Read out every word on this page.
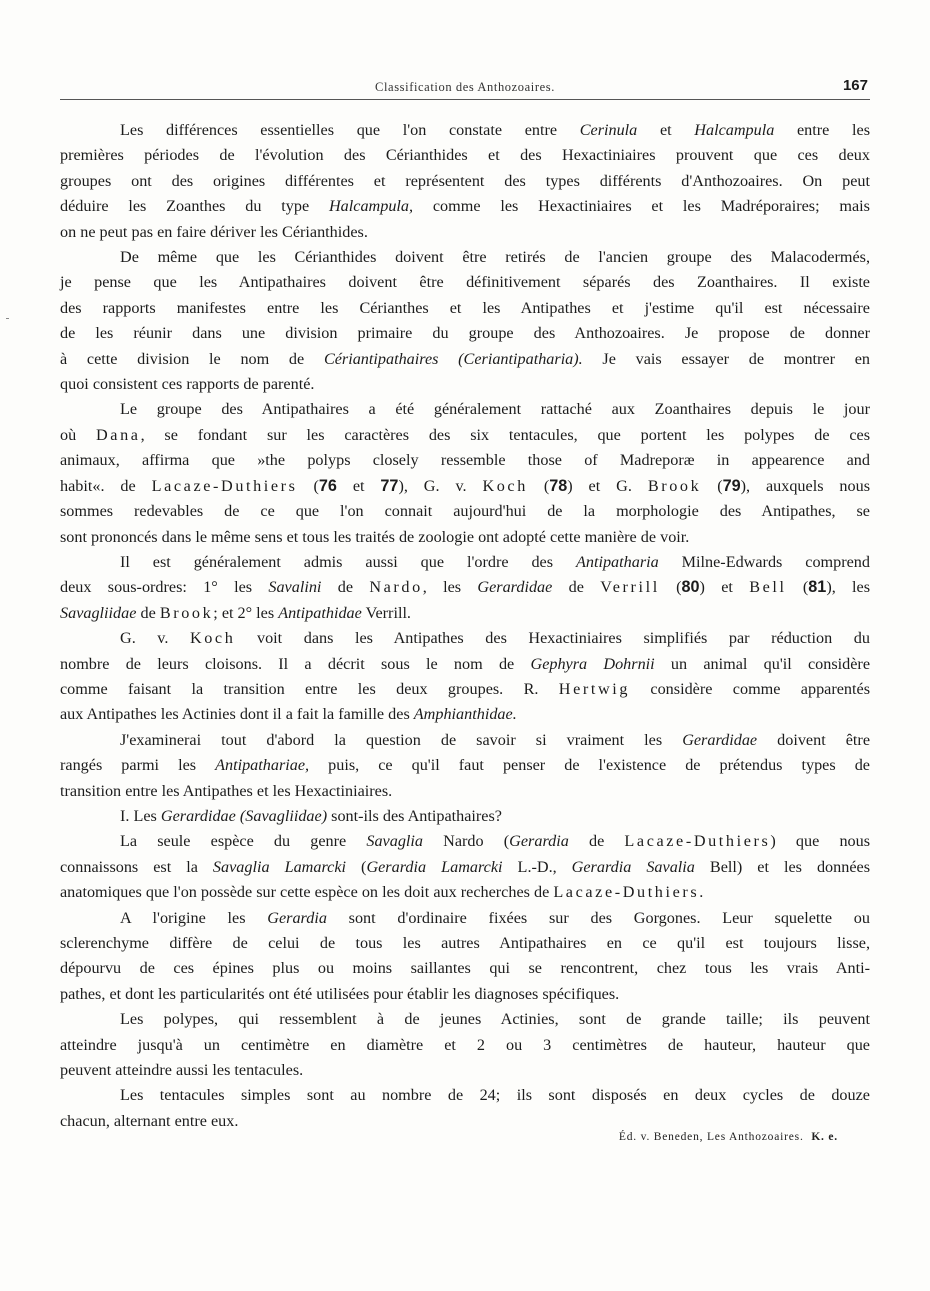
Classification des Anthozoaires.	167
Les différences essentielles que l'on constate entre Cerinula et Halcampula entre les
premières périodes de l'évolution des Cérianthides et des Hexactiniaires prouvent que ces deux
groupes ont des origines différentes et représentent des types différents d'Anthozoaires. On peut
déduire les Zoanthes du type Halcampula, comme les Hexactiniaires et les Madréporaires; mais
on ne peut pas en faire dériver les Cérianthides.
De même que les Cérianthides doivent être retirés de l'ancien groupe des Malacodermés,
je pense que les Antipathaires doivent être définitivement séparés des Zoanthaires. Il existe
des rapports manifestes entre les Cérianthes et les Antipathes et j'estime qu'il est nécessaire
de les réunir dans une division primaire du groupe des Anthozoaires. Je propose de donner
à cette division le nom de Cériantipathaires (Ceriantipatharia). Je vais essayer de montrer en
quoi consistent ces rapports de parenté.
Le groupe des Antipathaires a été généralement rattaché aux Zoanthaires depuis le jour
où Dana, se fondant sur les caractères des six tentacules, que portent les polypes de ces
animaux, affirma que »the polyps closely ressemble those of Madreporæ in appearence and
habit«. de Lacaze-Duthiers (76 et 77), G. v. Koch (78) et G. Brook (79), auxquels nous
sommes redevables de ce que l'on connait aujourd'hui de la morphologie des Antipathes, se
sont prononcés dans le même sens et tous les traités de zoologie ont adopté cette manière de voir.
Il est généralement admis aussi que l'ordre des Antipatharia Milne-Edwards comprend
deux sous-ordres: 1° les Savalini de Nardo, les Gerardidae de Verrill (80) et Bell (81), les
Savagliidae de Brook; et 2° les Antipathidae Verrill.
G. v. Koch voit dans les Antipathes des Hexactiniaires simplifiés par réduction du
nombre de leurs cloisons. Il a décrit sous le nom de Gephyra Dohrnii un animal qu'il considère
comme faisant la transition entre les deux groupes. R. Hertwig considère comme apparentés
aux Antipathes les Actinies dont il a fait la famille des Amphianthidae.
J'examinerai tout d'abord la question de savoir si vraiment les Gerardidae doivent être
rangés parmi les Antipathariae, puis, ce qu'il faut penser de l'existence de prétendus types de
transition entre les Antipathes et les Hexactiniaires.
I. Les Gerardidae (Savagliidae) sont-ils des Antipathaires?
La seule espèce du genre Savaglia Nardo (Gerardia de Lacaze-Duthiers) que nous
connaissons est la Savaglia Lamarcki (Gerardia Lamarcki L.-D., Gerardia Savalia Bell) et les données
anatomiques que l'on possède sur cette espèce on les doit aux recherches de Lacaze-Duthiers.
A l'origine les Gerardia sont d'ordinaire fixées sur des Gorgones. Leur squelette ou
sclerenchyme diffère de celui de tous les autres Antipathaires en ce qu'il est toujours lisse,
dépourvu de ces épines plus ou moins saillantes qui se rencontrent, chez tous les vrais Anti-
pathes, et dont les particularités ont été utilisées pour établir les diagnoses spécifiques.
Les polypes, qui ressemblent à de jeunes Actinies, sont de grande taille; ils peuvent
atteindre jusqu'à un centimètre en diamètre et 2 ou 3 centimètres de hauteur, hauteur que
peuvent atteindre aussi les tentacules.
Les tentacules simples sont au nombre de 24; ils sont disposés en deux cycles de douze
chacun, alternant entre eux.
Éd. v. Beneden, Les Anthozoaires. K. e.
